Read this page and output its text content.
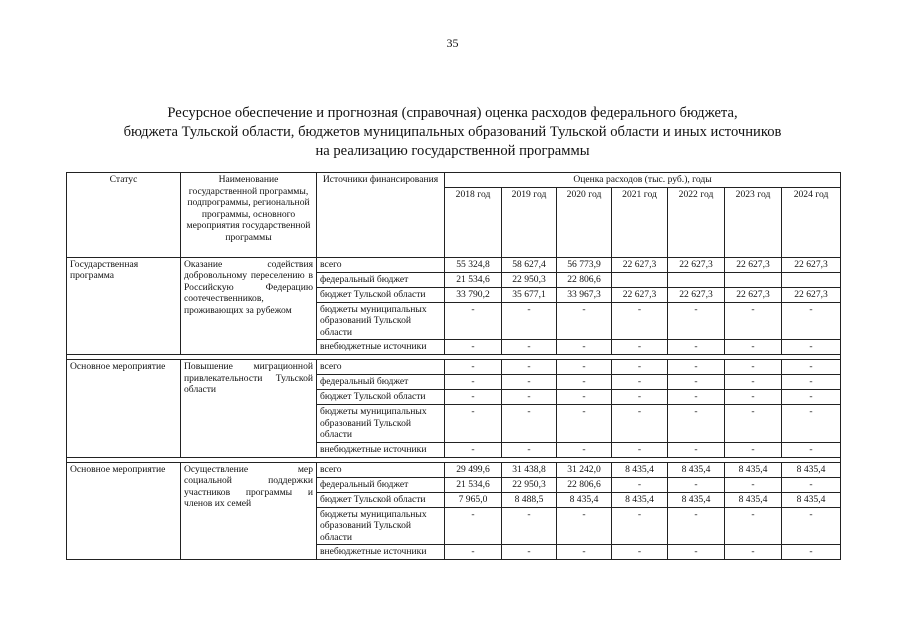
35
Ресурсное обеспечение и прогнозная (справочная) оценка расходов федерального бюджета,
бюджета Тульской области, бюджетов муниципальных образований Тульской области и иных источников
на реализацию государственной программы
Статус	Наименование государственной программы, подпрограммы, региональной программы, основного мероприятия государственной программы	Источники финансирования	Оценка расходов (тыс. руб.), годы						
			2018 год	2019 год	2020 год	2021 год	2022 год	2023 год	2024 год
Государственная программа	Оказание содействия добровольному переселению в Российскую Федерацию соотечественников, проживающих за рубежом	всего	55 324,8	58 627,4	56 773,9	22 627,3	22 627,3	22 627,3	22 627,3
		федеральный бюджет	21 534,6	22 950,3	22 806,6				
		бюджет Тульской области	33 790,2	35 677,1	33 967,3	22 627,3	22 627,3	22 627,3	22 627,3
		бюджеты муниципальных образований Тульской области	-	-	-	-	-	-	-
		внебюджетные источники	-	-	-	-	-	-	-

Основное мероприятие	Повышение миграционной привлекательности Тульской области	всего	-	-	-	-	-	-	-
		федеральный бюджет	-	-	-	-	-	-	-
		бюджет Тульской области	-	-	-	-	-	-	-
		бюджеты муниципальных образований Тульской области	-	-	-	-	-	-	-
		внебюджетные источники	-	-	-	-	-	-	-

Основное мероприятие	Осуществление мер социальной поддержки участников программы и членов их семей	всего	29 499,6	31 438,8	31 242,0	8 435,4	8 435,4	8 435,4	8 435,4
		федеральный бюджет	21 534,6	22 950,3	22 806,6	-	-	-	-
		бюджет Тульской области	7 965,0	8 488,5	8 435,4	8 435,4	8 435,4	8 435,4	8 435,4
		бюджеты муниципальных образований Тульской области	-	-	-	-	-	-	-
		внебюджетные источники	-	-	-	-	-	-	-
